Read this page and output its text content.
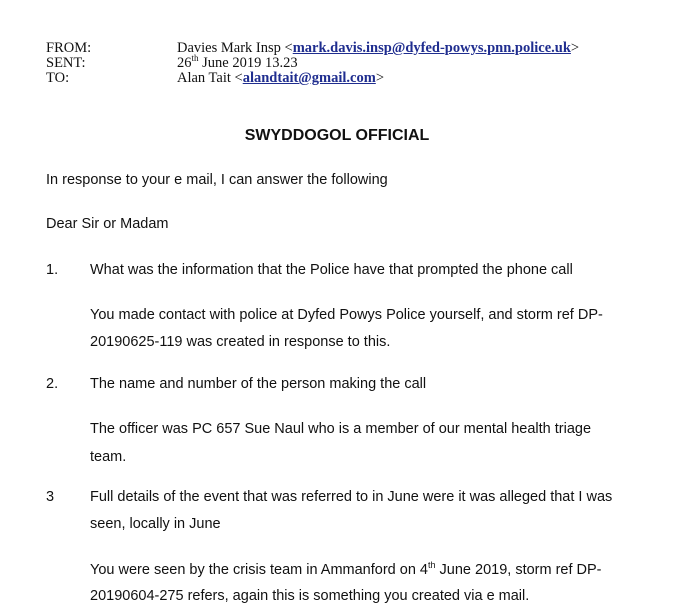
FROM:	Davies Mark Insp <mark.davis.insp@dyfed-powys.pnn.police.uk>
SENT:	26th June 2019 13.23
TO:	Alan Tait <alandtait@gmail.com>
SWYDDOGOL OFFICIAL
In response to your e mail, I can answer the following
Dear Sir or Madam
1. What was the information that the Police have that prompted the phone call
You made contact with police at Dyfed Powys Police yourself, and storm ref DP-
20190625-119 was created in response to this.
2. The name and number of the person making the call
The officer was PC 657 Sue Naul who is a member of our mental health triage
team.
3 Full details of the event that was referred to in June were it was alleged that I was
seen, locally in June
You were seen by the crisis team in Ammanford on 4th June 2019, storm ref DP-
20190604-275 refers, again this is something you created via e mail.
